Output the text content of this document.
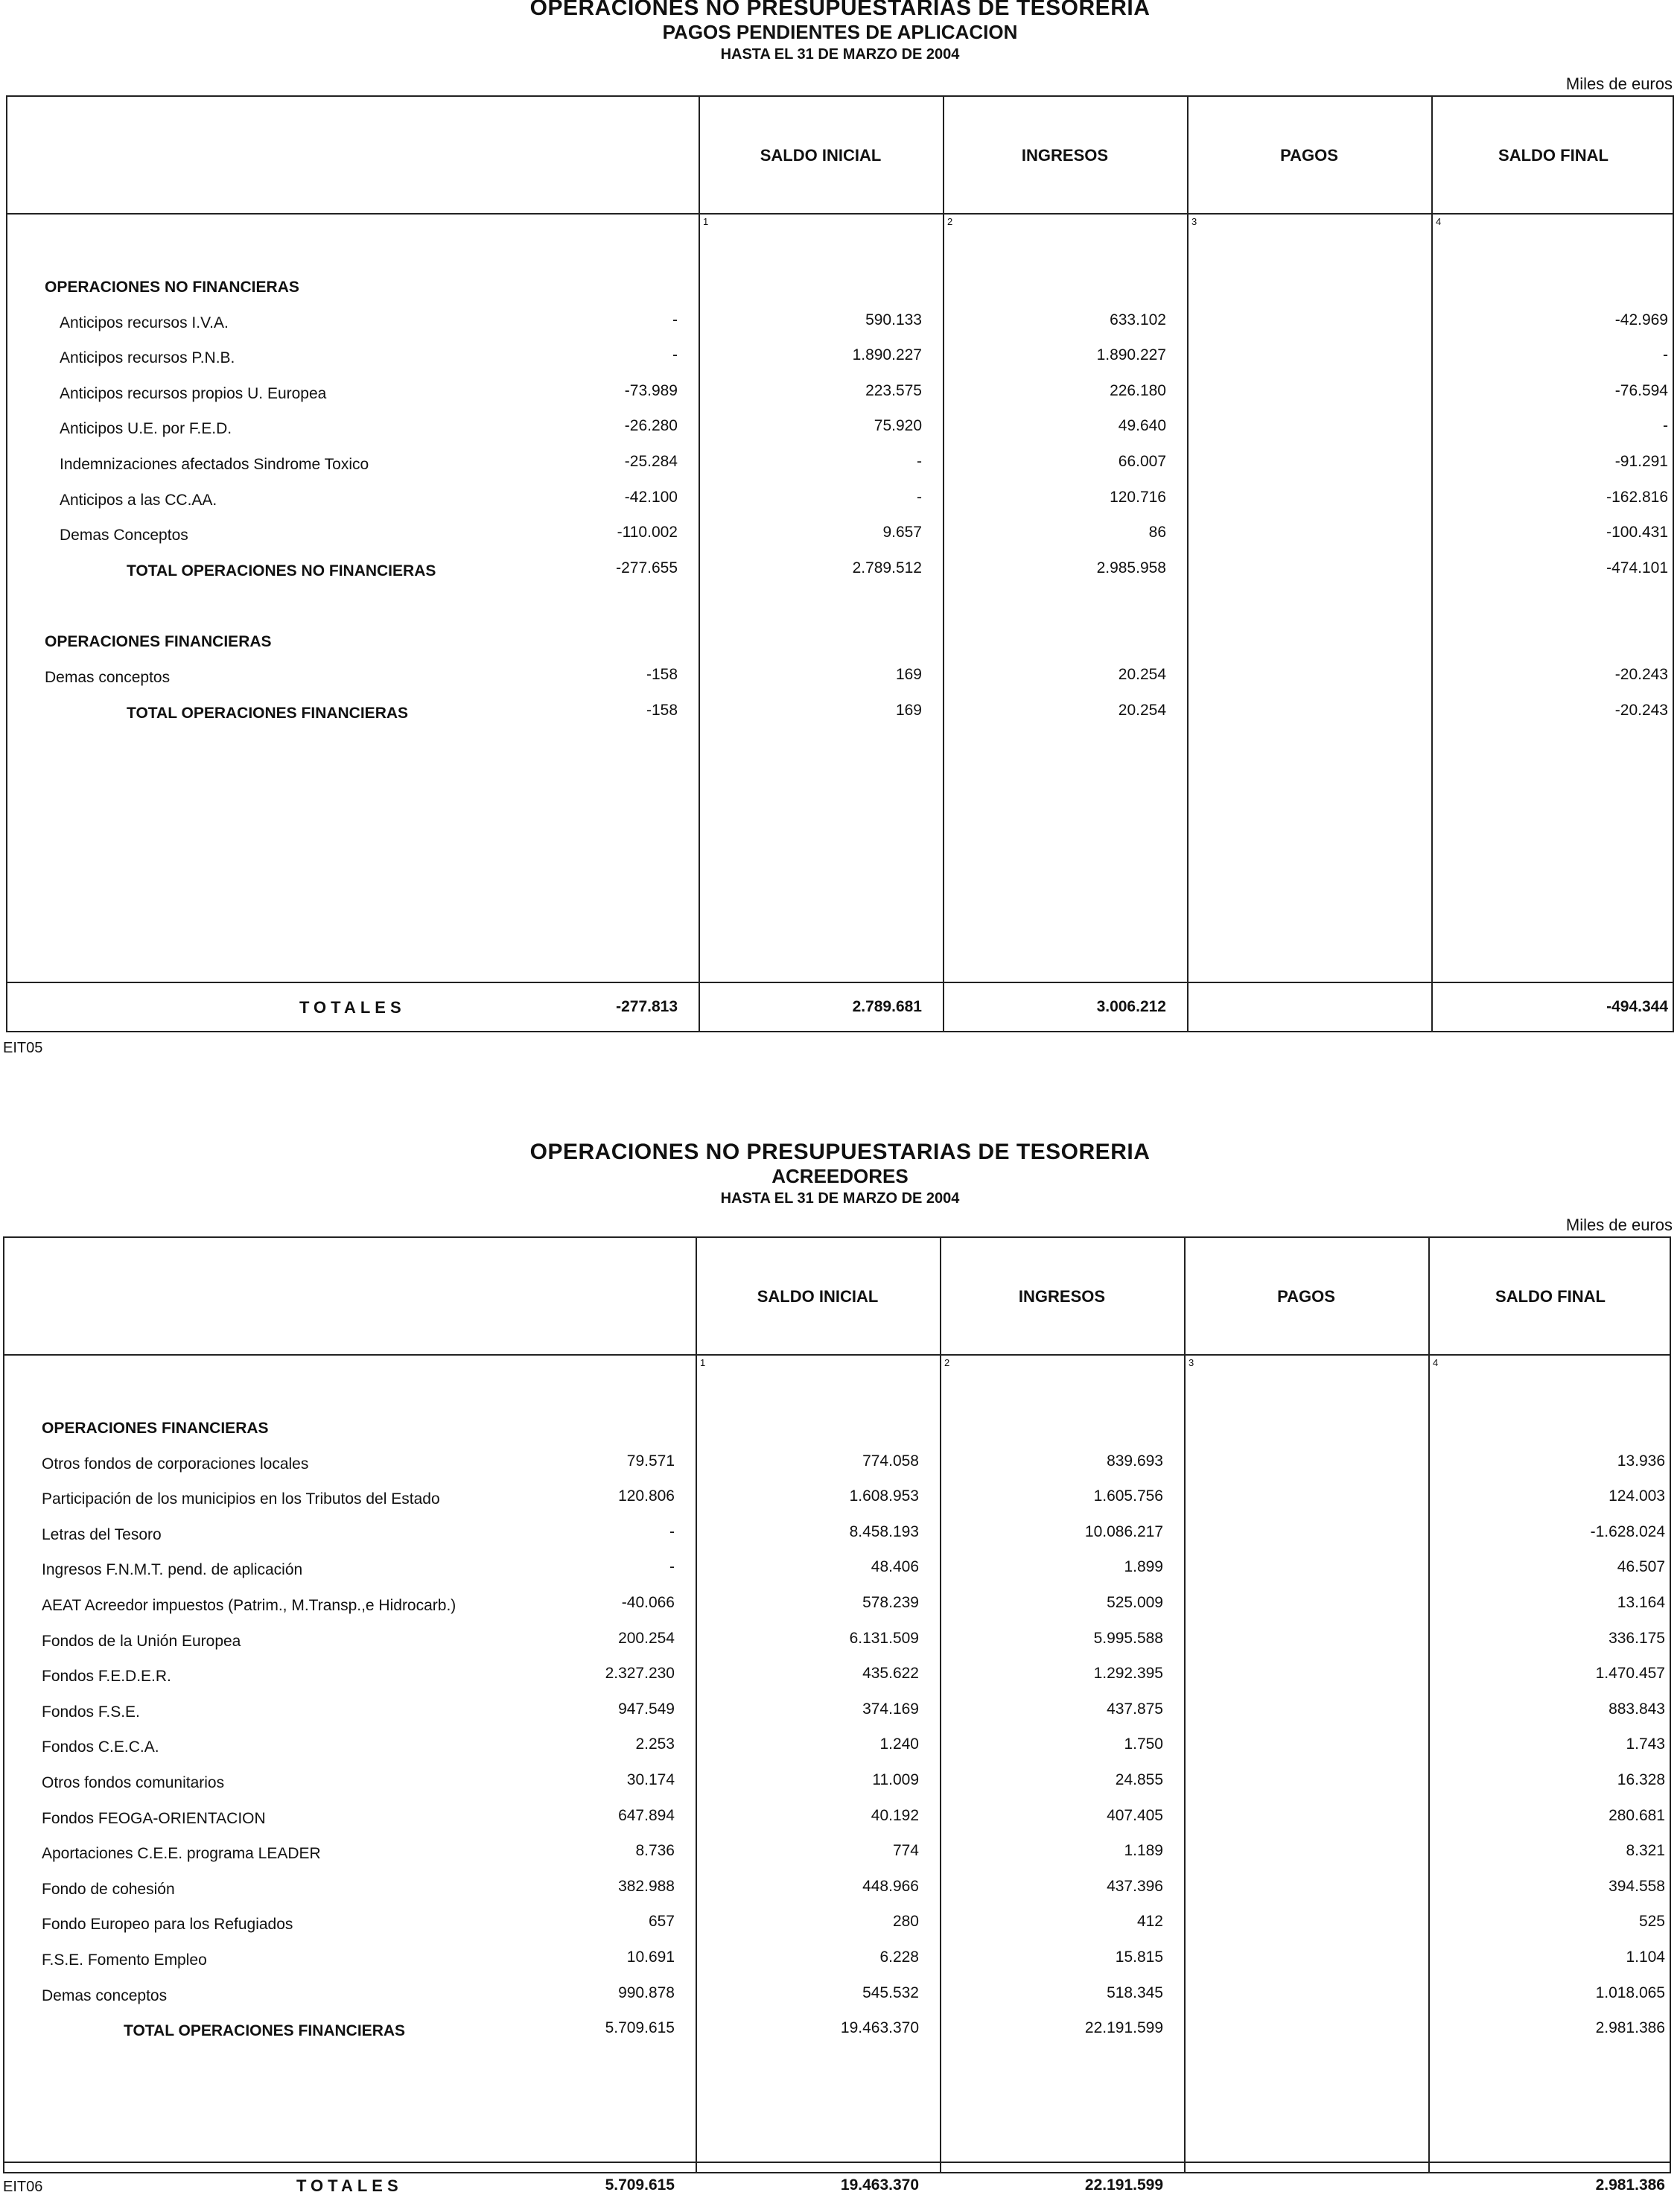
OPERACIONES NO PRESUPUESTARIAS DE TESORERIA
PAGOS PENDIENTES DE APLICACION
HASTA EL 31 DE MARZO DE 2004
Miles de euros
SALDO INICIAL	INGRESOS	PAGOS	SALDO FINAL
1	2	3	4
OPERACIONES NO FINANCIERAS
Anticipos recursos I.V.A.	-	590.133	633.102	-42.969
Anticipos recursos P.N.B.	-	1.890.227	1.890.227	-
Anticipos recursos propios U. Europea	-73.989	223.575	226.180	-76.594
Anticipos U.E. por F.E.D.	-26.280	75.920	49.640	-
Indemnizaciones afectados Sindrome Toxico	-25.284	-	66.007	-91.291
Anticipos a las CC.AA.	-42.100	-	120.716	-162.816
Demas Conceptos	-110.002	9.657	86	-100.431
TOTAL OPERACIONES NO FINANCIERAS	-277.655	2.789.512	2.985.958	-474.101
OPERACIONES FINANCIERAS
Demas conceptos	-158	169	20.254	-20.243
TOTAL OPERACIONES FINANCIERAS	-158	169	20.254	-20.243
TOTALES	-277.813	2.789.681	3.006.212	-494.344
EIT05
OPERACIONES NO PRESUPUESTARIAS DE TESORERIA
ACREEDORES
HASTA EL 31 DE MARZO DE 2004
Miles de euros
SALDO INICIAL	INGRESOS	PAGOS	SALDO FINAL
1	2	3	4
OPERACIONES FINANCIERAS
Otros fondos de corporaciones locales	79.571	774.058	839.693	13.936
Participación de los municipios en los Tributos del Estado	120.806	1.608.953	1.605.756	124.003
Letras del Tesoro	-	8.458.193	10.086.217	-1.628.024
Ingresos F.N.M.T. pend. de aplicación	-	48.406	1.899	46.507
AEAT Acreedor impuestos (Patrim., M.Transp.,e Hidrocarb.)	-40.066	578.239	525.009	13.164
Fondos de la Unión Europea	200.254	6.131.509	5.995.588	336.175
Fondos F.E.D.E.R.	2.327.230	435.622	1.292.395	1.470.457
Fondos F.S.E.	947.549	374.169	437.875	883.843
Fondos C.E.C.A.	2.253	1.240	1.750	1.743
Otros fondos comunitarios	30.174	11.009	24.855	16.328
Fondos FEOGA-ORIENTACION	647.894	40.192	407.405	280.681
Aportaciones C.E.E. programa LEADER	8.736	774	1.189	8.321
Fondo de cohesión	382.988	448.966	437.396	394.558
Fondo Europeo para los Refugiados	657	280	412	525
F.S.E. Fomento Empleo	10.691	6.228	15.815	1.104
Demas conceptos	990.878	545.532	518.345	1.018.065
TOTAL OPERACIONES FINANCIERAS	5.709.615	19.463.370	22.191.599	2.981.386
TOTALES	5.709.615	19.463.370	22.191.599	2.981.386
EIT06
